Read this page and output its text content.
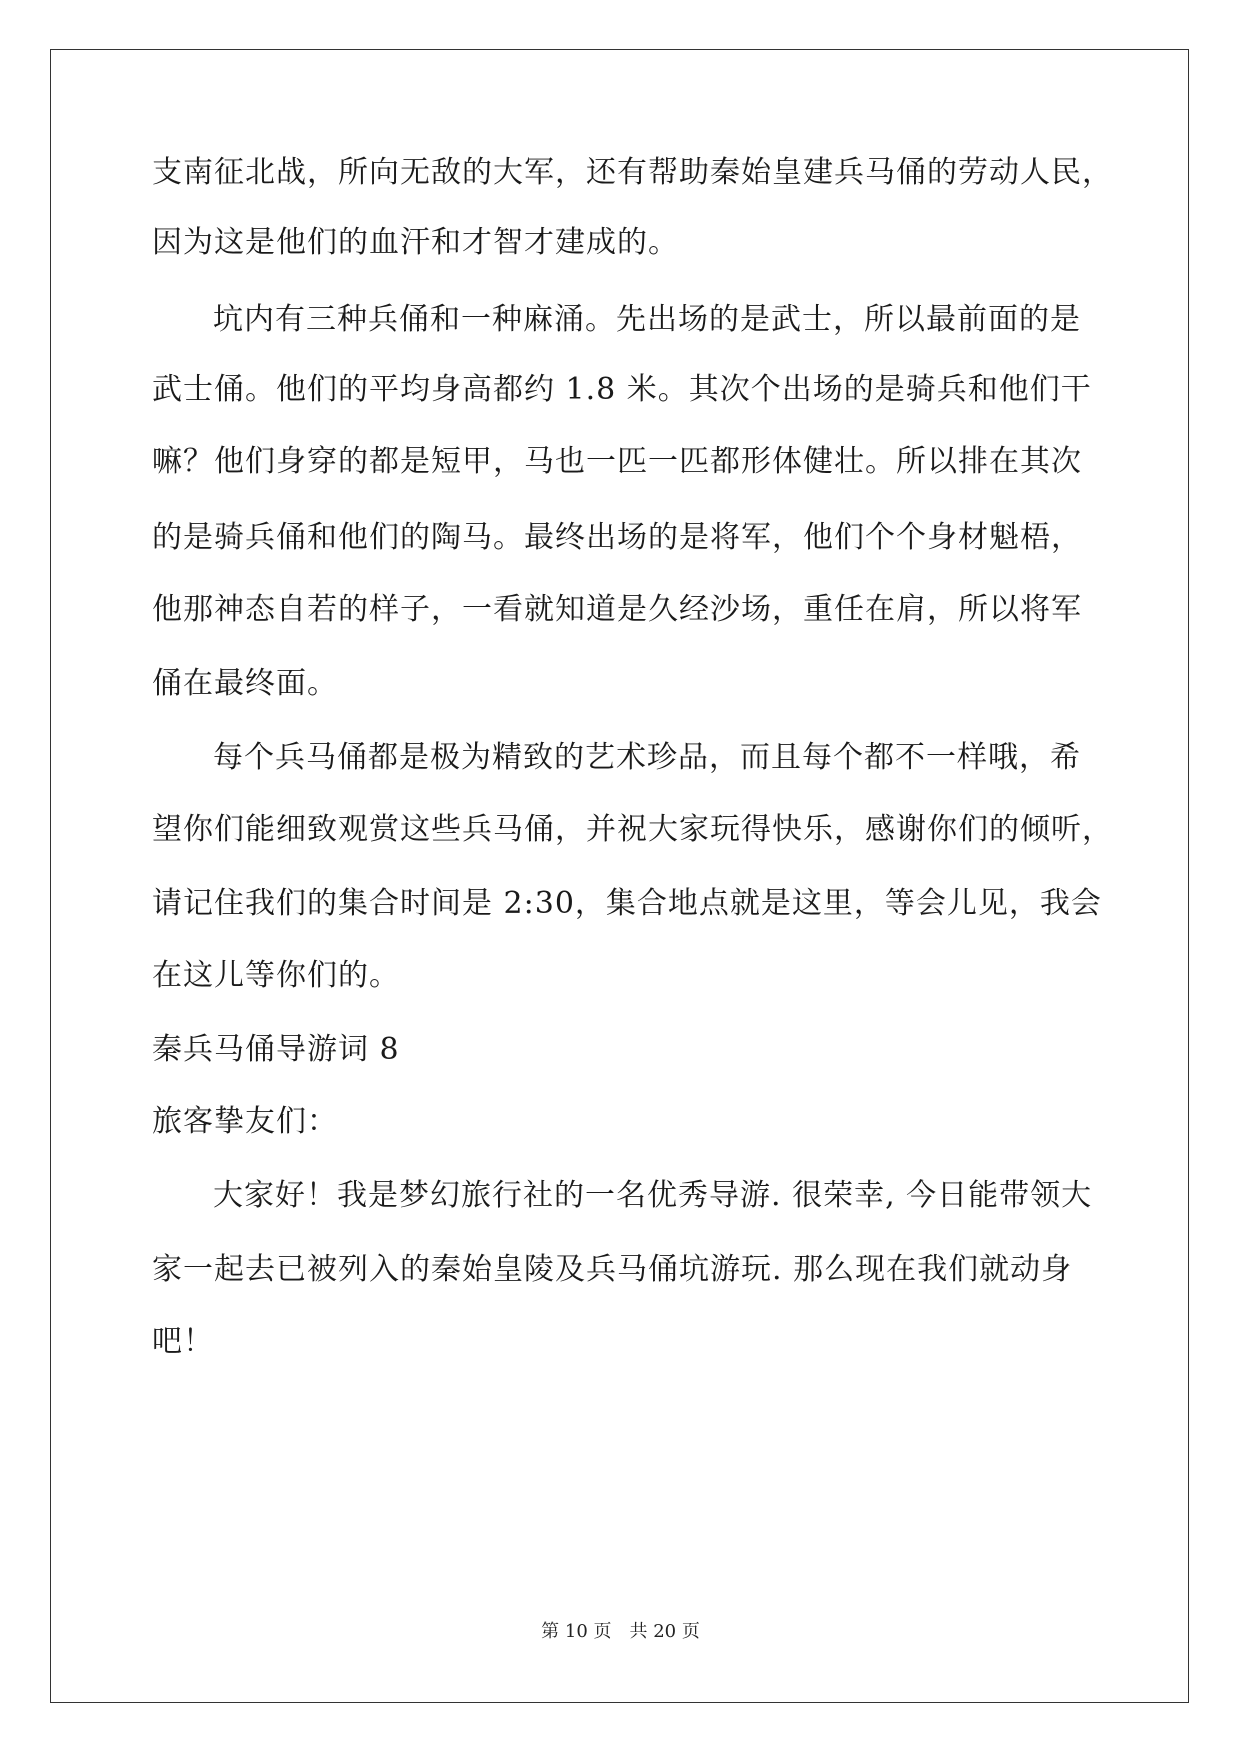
支南征北战，所向无敌的大军，还有帮助秦始皇建兵马俑的劳动人民，
因为这是他们的血汗和才智才建成的。
坑内有三种兵俑和一种麻涌。先出场的是武士，所以最前面的是
武士俑。他们的平均身高都约 1.8 米。其次个出场的是骑兵和他们干
嘛？他们身穿的都是短甲，马也一匹一匹都形体健壮。所以排在其次
的是骑兵俑和他们的陶马。最终出场的是将军，他们个个身材魁梧，
他那神态自若的样子，一看就知道是久经沙场，重任在肩，所以将军
俑在最终面。
每个兵马俑都是极为精致的艺术珍品，而且每个都不一样哦，希
望你们能细致观赏这些兵马俑，并祝大家玩得快乐，感谢你们的倾听，
请记住我们的集合时间是 2:30，集合地点就是这里，等会儿见，我会
在这儿等你们的。
秦兵马俑导游词 8
旅客挚友们：
大家好！我是梦幻旅行社的一名优秀导游. 很荣幸, 今日能带领大
家一起去已被列入的秦始皇陵及兵马俑坑游玩. 那么现在我们就动身
吧！
第 10 页　共 20 页
